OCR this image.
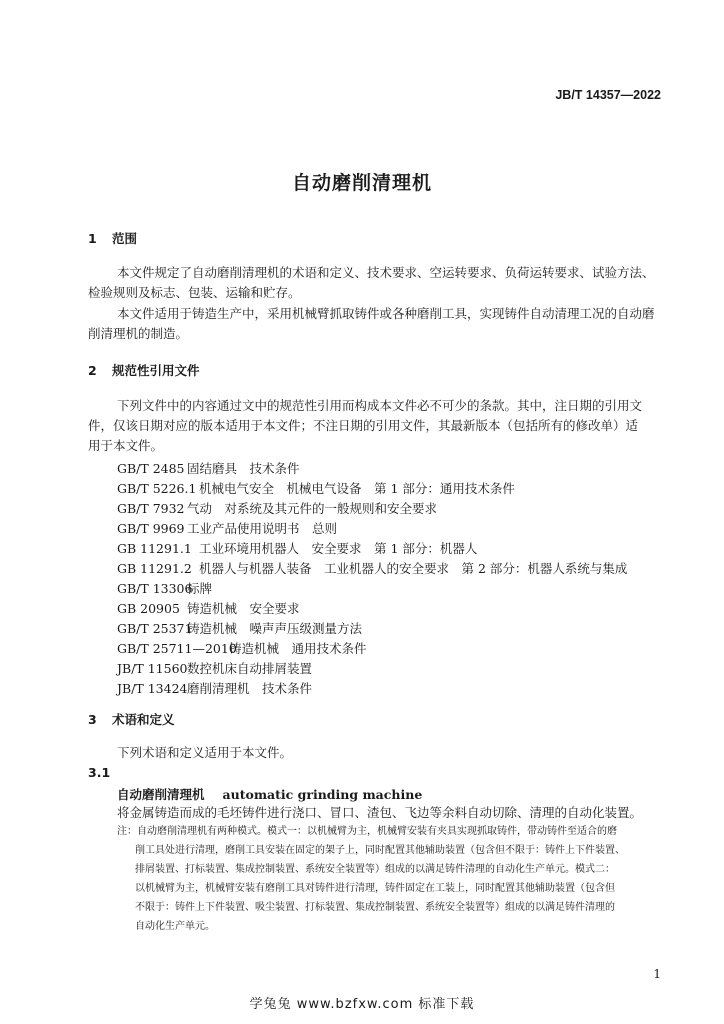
JB/T 14357—2022
自动磨削清理机
1 范围
本文件规定了自动磨削清理机的术语和定义、技术要求、空运转要求、负荷运转要求、试验方法、
检验规则及标志、包装、运输和贮存。
本文件适用于铸造生产中，采用机械臂抓取铸件或各种磨削工具，实现铸件自动清理工况的自动磨
削清理机的制造。
2 规范性引用文件
下列文件中的内容通过文中的规范性引用而构成本文件必不可少的条款。其中，注日期的引用文
件，仅该日期对应的版本适用于本文件；不注日期的引用文件，其最新版本（包括所有的修改单）适
用于本文件。
GB/T 2485 固结磨具　技术条件
GB/T 5226.1 机械电气安全　机械电气设备　第 1 部分：通用技术条件
GB/T 7932 气动　对系统及其元件的一般规则和安全要求
GB/T 9969 工业产品使用说明书　总则
GB 11291.1 工业环境用机器人　安全要求　第 1 部分：机器人
GB 11291.2 机器人与机器人装备　工业机器人的安全要求　第 2 部分：机器人系统与集成
GB/T 13306标牌
GB 20905 铸造机械　安全要求
GB/T 25371铸造机械　噪声声压级测量方法
GB/T 25711—2010铸造机械　通用技术条件
JB/T 11560数控机床自动排屑装置
JB/T 13424磨削清理机　技术条件
3 术语和定义
下列术语和定义适用于本文件。
3.1
自动磨削清理机 automatic grinding machine
将金属铸造而成的毛坯铸件进行浇口、冒口、渣包、飞边等余料自动切除、清理的自动化装置。
注：自动磨削清理机有两种模式。模式一：以机械臂为主，机械臂安装有夹具实现抓取铸件，带动铸件至适合的磨
削工具处进行清理，磨削工具安装在固定的架子上，同时配置其他辅助装置（包含但不限于：铸件上下件装置、
排屑装置、打标装置、集成控制装置、系统安全装置等）组成的以满足铸件清理的自动化生产单元。模式二：
以机械臂为主，机械臂安装有磨削工具对铸件进行清理，铸件固定在工装上，同时配置其他辅助装置（包含但
不限于：铸件上下件装置、吸尘装置、打标装置、集成控制装置、系统安全装置等）组成的以满足铸件清理的
自动化生产单元。
1
学兔兔 www.bzfxw.com 标准下载
